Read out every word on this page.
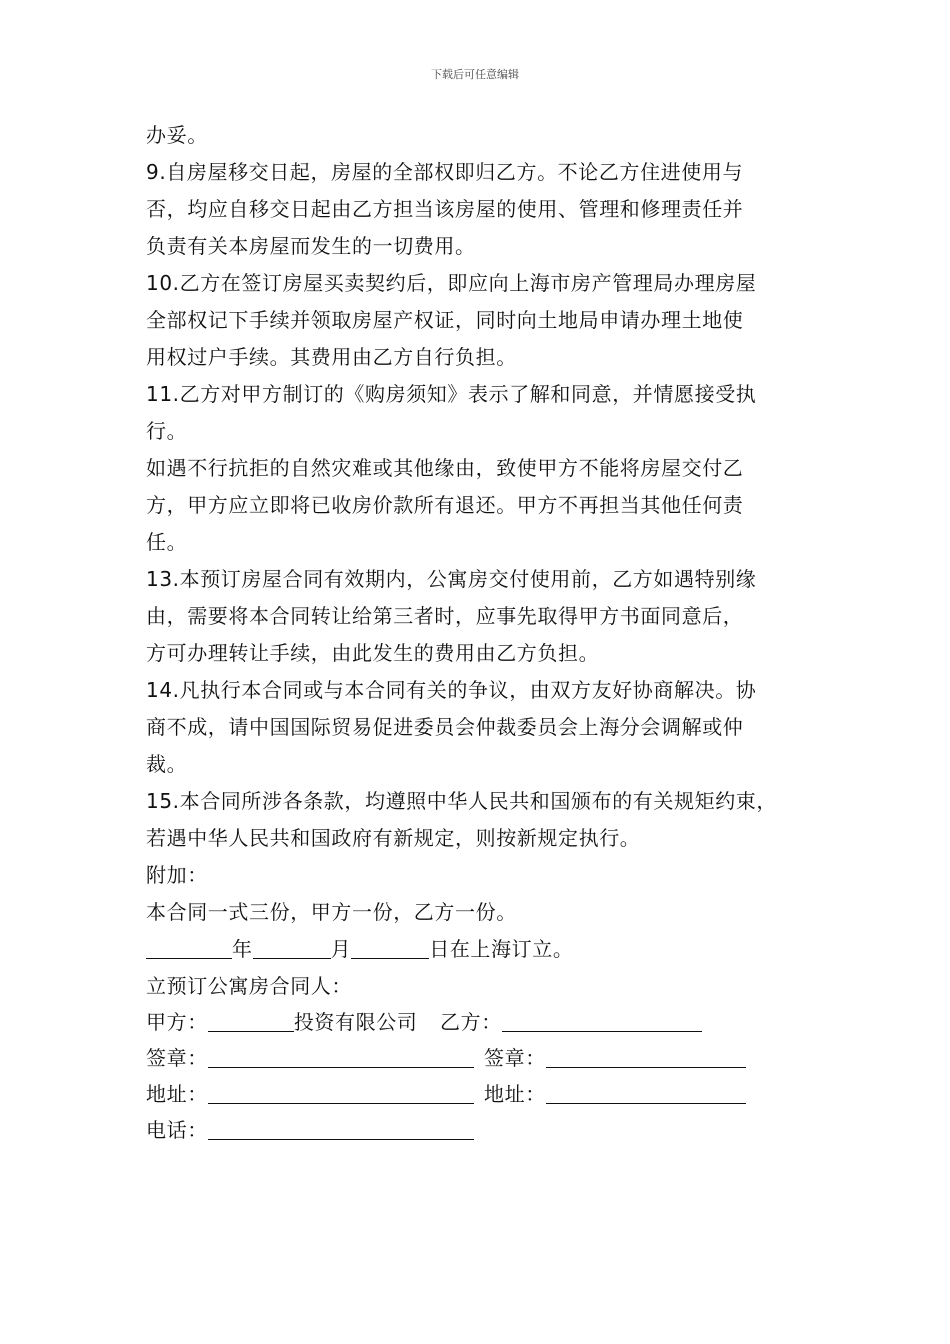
下载后可任意编辑
办妥。
9.自房屋移交日起，房屋的全部权即归乙方。不论乙方住进使用与
否，均应自移交日起由乙方担当该房屋的使用、管理和修理责任并
负责有关本房屋而发生的一切费用。
10.乙方在签订房屋买卖契约后，即应向上海市房产管理局办理房屋
全部权记下手续并领取房屋产权证，同时向土地局申请办理土地使
用权过户手续。其费用由乙方自行负担。
11.乙方对甲方制订的《购房须知》表示了解和同意，并情愿接受执
行。
如遇不行抗拒的自然灾难或其他缘由，致使甲方不能将房屋交付乙
方，甲方应立即将已收房价款所有退还。甲方不再担当其他任何责
任。
13.本预订房屋合同有效期内，公寓房交付使用前，乙方如遇特别缘
由，需要将本合同转让给第三者时，应事先取得甲方书面同意后，
方可办理转让手续，由此发生的费用由乙方负担。
14.凡执行本合同或与本合同有关的争议，由双方友好协商解决。协
商不成，请中国国际贸易促进委员会仲裁委员会上海分会调解或仲
裁。
15.本合同所涉各条款，均遵照中华人民共和国颁布的有关规矩约束，
若遇中华人民共和国政府有新规定，则按新规定执行。
附加：
本合同一式三份，甲方一份，乙方一份。
年	月	日在上海订立。
立预订公寓房合同人：
甲方：	投资有限公司 乙方：
签章：	签章：
地址：	地址：
电话：
